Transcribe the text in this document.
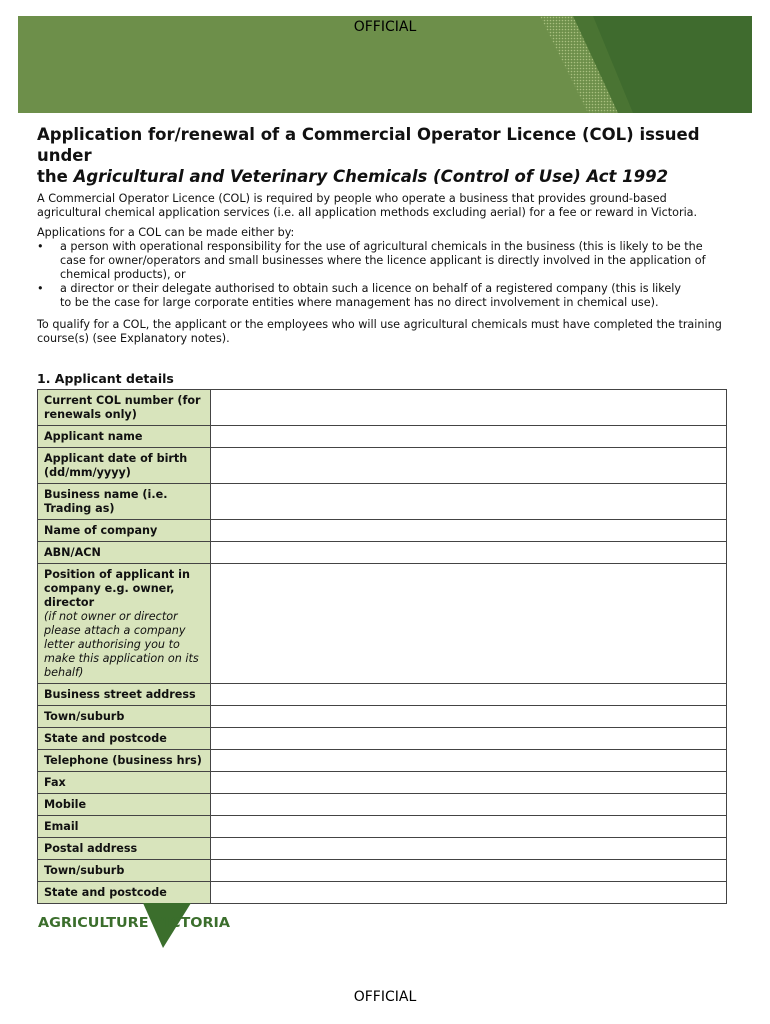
OFFICIAL
Application for/renewal of a Commercial Operator Licence (COL) issued under
the Agricultural and Veterinary Chemicals (Control of Use) Act 1992
A Commercial Operator Licence (COL) is required by people who operate a business that provides ground-based
agricultural chemical application services (i.e. all application methods excluding aerial) for a fee or reward in Victoria.
Applications for a COL can be made either by:
• a person with operational responsibility for the use of agricultural chemicals in the business (this is likely to be the
case for owner/operators and small businesses where the licence applicant is directly involved in the application of
chemical products), or
• a director or their delegate authorised to obtain such a licence on behalf of a registered company (this is likely
to be the case for large corporate entities where management has no direct involvement in chemical use).
To qualify for a COL, the applicant or the employees who will use agricultural chemicals must have completed the training
course(s) (see Explanatory notes).
1. Applicant details
Current COL number (for renewals only)	
Applicant name	
Applicant date of birth (dd/mm/yyyy)	
Business name (i.e. Trading as)	
Name of company	
ABN/ACN	

Position of applicant in company e.g. owner, director
(if not owner or director please attach a company letter authorising you to make this application on its behalf)	

Business street address	
Town/suburb	
State and postcode	
Telephone (business hrs)	
Fax	
Mobile	
Email	
Postal address	
Town/suburb	
State and postcode	
AGRICULTURE VICTORIA
OFFICIAL
